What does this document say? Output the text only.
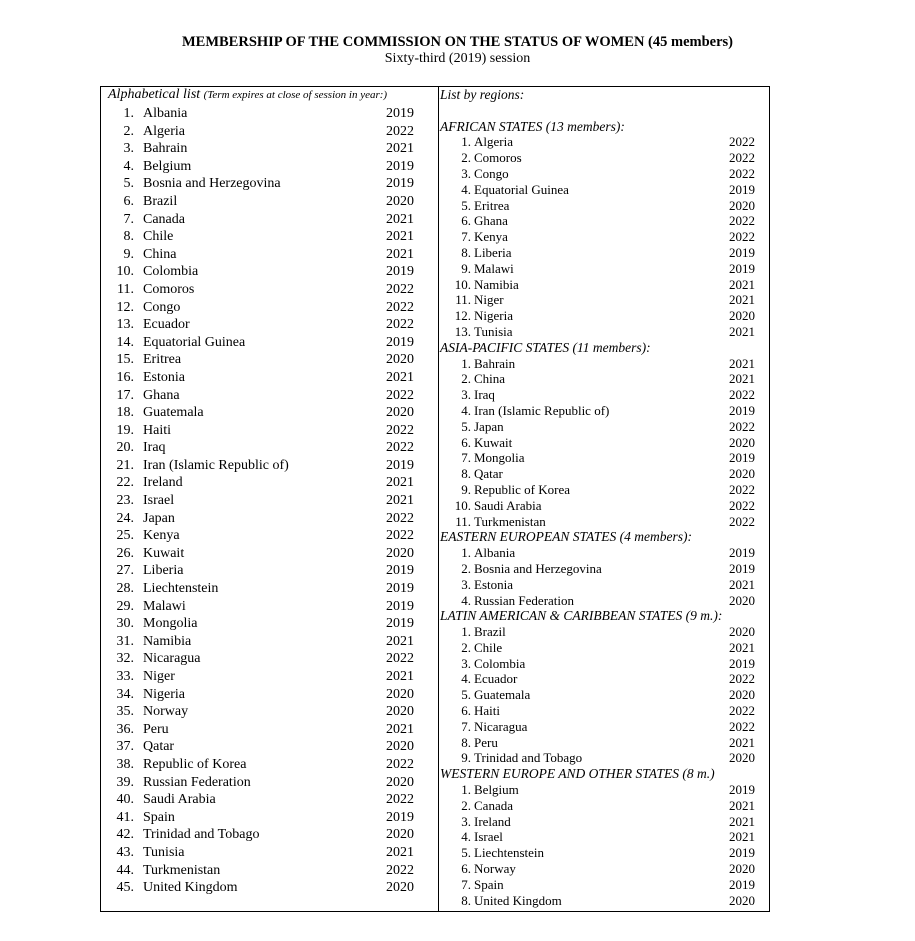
MEMBERSHIP OF THE COMMISSION ON THE STATUS OF WOMEN (45 members)
Sixty-third (2019) session
Alphabetical list (Term expires at close of session in year:)
1. Albania	2019
2. Algeria	2022
3. Bahrain	2021
4. Belgium	2019
5. Bosnia and Herzegovina	2019
6. Brazil	2020
7. Canada	2021
8. Chile	2021
9. China	2021
10. Colombia	2019
11. Comoros	2022
12. Congo	2022
13. Ecuador	2022
14. Equatorial Guinea	2019
15. Eritrea	2020
16. Estonia	2021
17. Ghana	2022
18. Guatemala	2020
19. Haiti	2022
20. Iraq	2022
21. Iran (Islamic Republic of)	2019
22. Ireland	2021
23. Israel	2021
24. Japan	2022
25. Kenya	2022
26. Kuwait	2020
27. Liberia	2019
28. Liechtenstein	2019
29. Malawi	2019
30. Mongolia	2019
31. Namibia	2021
32. Nicaragua	2022
33. Niger	2021
34. Nigeria	2020
35. Norway	2020
36. Peru	2021
37. Qatar	2020
38. Republic of Korea	2022
39. Russian Federation	2020
40. Saudi Arabia	2022
41. Spain	2019
42. Trinidad and Tobago	2020
43. Tunisia	2021
44. Turkmenistan	2022
45. United Kingdom	2020
List by regions:
AFRICAN STATES (13 members):
1. Algeria	2022
2. Comoros	2022
3. Congo	2022
4. Equatorial Guinea	2019
5. Eritrea	2020
6. Ghana	2022
7. Kenya	2022
8. Liberia	2019
9. Malawi	2019
10. Namibia	2021
11. Niger	2021
12. Nigeria	2020
13. Tunisia	2021
ASIA-PACIFIC STATES (11 members):
1. Bahrain	2021
2. China	2021
3. Iraq	2022
4. Iran (Islamic Republic of)	2019
5. Japan	2022
6. Kuwait	2020
7. Mongolia	2019
8. Qatar	2020
9. Republic of Korea	2022
10. Saudi Arabia	2022
11. Turkmenistan	2022
EASTERN EUROPEAN STATES (4 members):
1. Albania	2019
2. Bosnia and Herzegovina	2019
3. Estonia	2021
4. Russian Federation	2020
LATIN AMERICAN & CARIBBEAN STATES (9 m.):
1. Brazil	2020
2. Chile	2021
3. Colombia	2019
4. Ecuador	2022
5. Guatemala	2020
6. Haiti	2022
7. Nicaragua	2022
8. Peru	2021
9. Trinidad and Tobago	2020
WESTERN EUROPE AND OTHER STATES (8 m.)
1. Belgium	2019
2. Canada	2021
3. Ireland	2021
4. Israel	2021
5. Liechtenstein	2019
6. Norway	2020
7. Spain	2019
8. United Kingdom	2020
